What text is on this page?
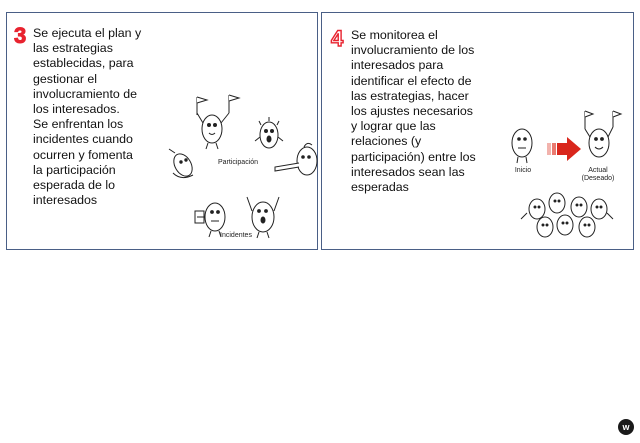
3 Se ejecuta el plan y
las estrategias
establecidas, para
gestionar el
involucramiento de
los interesados.
Se enfrentan los
incidentes cuando
ocurren y fomenta
la participación
esperada de lo
interesados
Participación
Incidentes
4 Se monitorea el
involucramiento de los
interesados para
identificar el efecto de
las estrategias, hacer
los ajustes necesarios
y lograr que las
relaciones (y
participación) entre los
interesados sean las
esperadas
Inicio	Actual
(Deseado)
w
